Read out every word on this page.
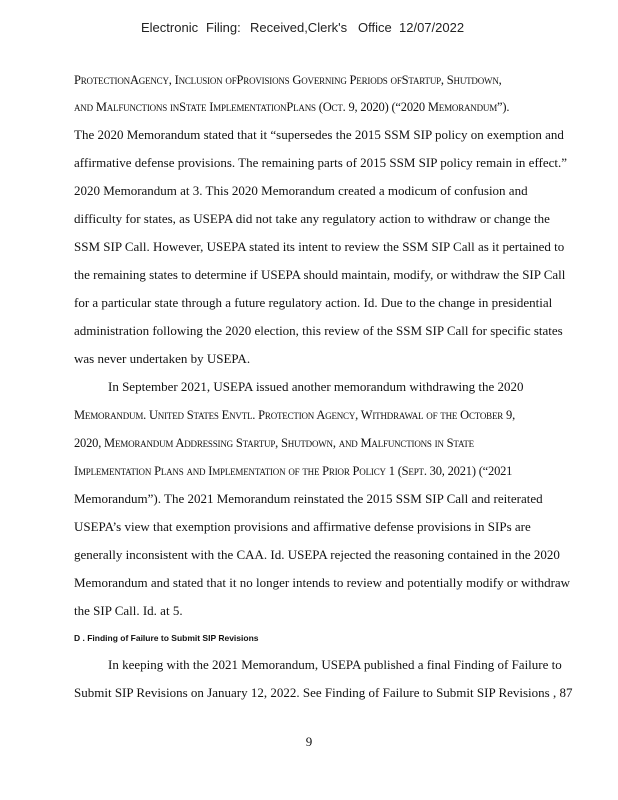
Electronic Filing: Received,Clerk's Office 12/07/2022
ProtectionAgency, Inclusion ofProvisions Governing Periods ofStartup, Shutdown,
and Malfunctions inState ImplementationPlans (Oct. 9, 2020) (“2020 Memorandum”).
The 2020 Memorandum stated that it “supersedes the 2015 SSM SIP policy on exemption and
affirmative defense provisions. The remaining parts of 2015 SSM SIP policy remain in effect.”
2020 Memorandum at 3. This 2020 Memorandum created a modicum of confusion and
difficulty for states, as USEPA did not take any regulatory action to withdraw or change the
SSM SIP Call. However, USEPA stated its intent to review the SSM SIP Call as it pertained to
the remaining states to determine if USEPA should maintain, modify, or withdraw the SIP Call
for a particular state through a future regulatory action. Id. Due to the change in presidential
administration following the 2020 election, this review of the SSM SIP Call for specific states
was never undertaken by USEPA.
In September 2021, USEPA issued another memorandum withdrawing the 2020
Memorandum. United States Envtl. Protection Agency, Withdrawal of the October 9,
2020, Memorandum Addressing Startup, Shutdown, and Malfunctions in State
Implementation Plans and Implementation of the Prior Policy 1 (Sept. 30, 2021) (“2021
Memorandum”). The 2021 Memorandum reinstated the 2015 SSM SIP Call and reiterated
USEPA’s view that exemption provisions and affirmative defense provisions in SIPs are
generally inconsistent with the CAA. Id. USEPA rejected the reasoning contained in the 2020
Memorandum and stated that it no longer intends to review and potentially modify or withdraw
the SIP Call. Id. at 5.
D . Finding of Failure to Submit SIP Revisions
In keeping with the 2021 Memorandum, USEPA published a final Finding of Failure to
Submit SIP Revisions on January 12, 2022. See Finding of Failure to Submit SIP Revisions , 87
9
